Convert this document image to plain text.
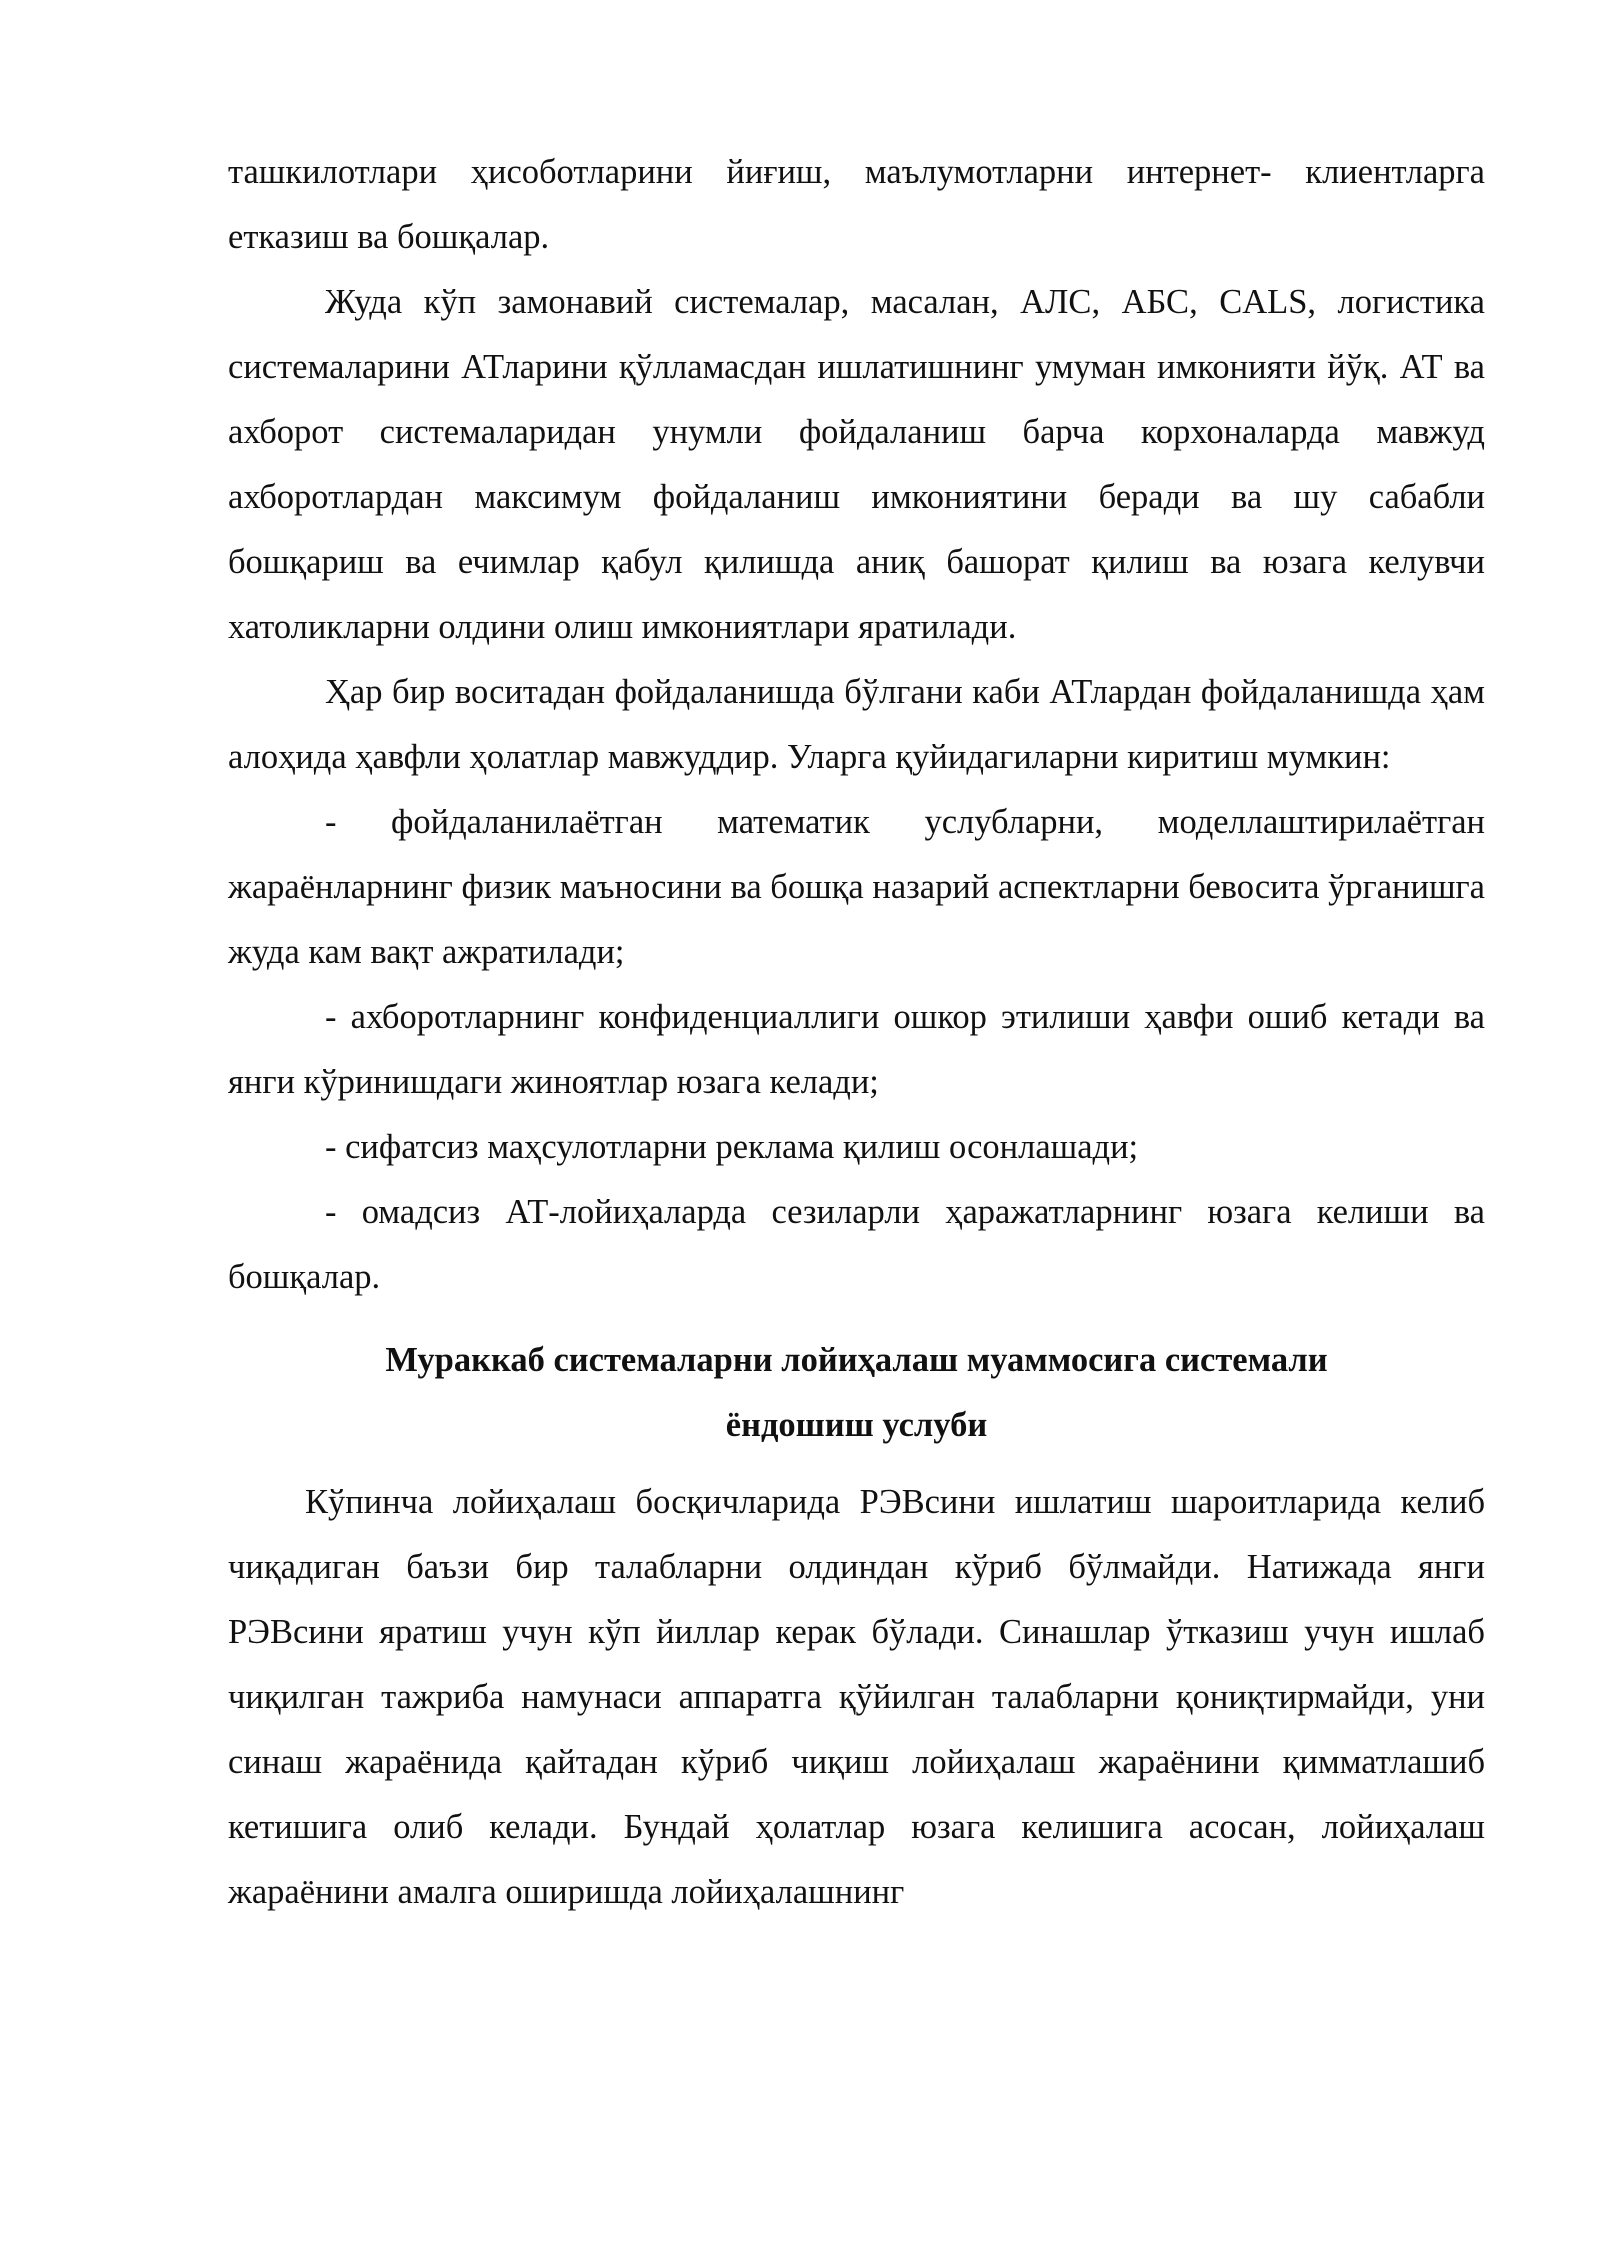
ташкилотлари ҳисоботларини йиғиш, маълумотларни интернет- клиентларга етказиш ва бошқалар.

Жуда кўп замонавий системалар, масалан, АЛС, АБС, CALS, логистика системаларини АТларини қўлламасдан ишлатишнинг умуман имконияти йўқ. АТ ва ахборот системаларидан унумли фойдаланиш барча корхоналарда мавжуд ахборотлардан максимум фойдаланиш имкониятини беради ва шу сабабли бошқариш ва ечимлар қабул қилишда аниқ башорат қилиш ва юзага келувчи хатоликларни олдини олиш имкониятлари яратилади.

Ҳар бир воситадан фойдаланишда бўлгани каби АТлардан фойдаланишда ҳам алоҳида ҳавфли ҳолатлар мавжуддир. Уларга қуйидагиларни киритиш мумкин:

- фойдаланилаётган математик услубларни, моделлаштирилаётган жараёнларнинг физик маъносини ва бошқа назарий аспектларни бевосита ўрганишга жуда кам вақт ажратилади;

- ахборотларнинг конфиденциаллиги ошкор этилиши ҳавфи ошиб кетади ва янги кўринишдаги жиноятлар юзага келади;

- сифатсиз маҳсулотларни реклама қилиш осонлашади;

- омадсиз АТ-лойиҳаларда сезиларли ҳаражатларнинг юзага келиши ва бошқалар.

Мураккаб системаларни лойиҳалаш муаммосига системали
ёндошиш услуби

Кўпинча лойиҳалаш босқичларида РЭВсини ишлатиш шароитларида келиб чиқадиган баъзи бир талабларни олдиндан кўриб бўлмайди. Натижада янги РЭВсини яратиш учун кўп йиллар керак бўлади. Синашлар ўтказиш учун ишлаб чиқилган тажриба намунаси аппаратга қўйилган талабларни қониқтирмайди, уни синаш жараёнида қайтадан кўриб чиқиш лойиҳалаш жараёнини қимматлашиб кетишига олиб келади. Бундай ҳолатлар юзага келишига асосан, лойиҳалаш жараёнини амалга оширишда лойиҳалашнинг
